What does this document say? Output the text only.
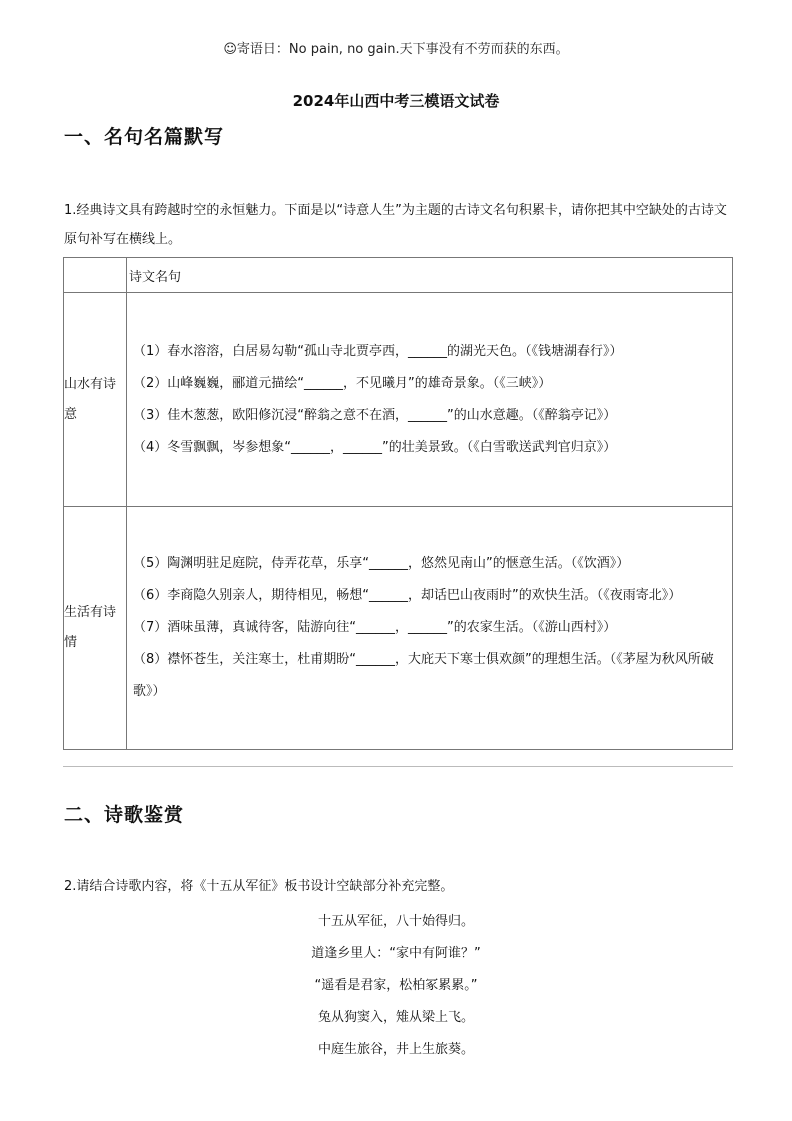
☺寄语日：No pain, no gain.天下事没有不劳而获的东西。
2024年山西中考三模语文试卷
一、名句名篇默写
1.经典诗文具有跨越时空的永恒魅力。下面是以“诗意人生”为主题的古诗文名句积累卡，请你把其中空缺处的古诗文原句补写在横线上。
	诗文名句

山水有诗意	（1）春水溶溶，白居易勾勒“孤山寺北贾亭西，______的湖光天色。（《钱塘湖春行》）
（2）山峰巍巍，郦道元描绘“______，不见曦月”的雄奇景象。（《三峡》）
（3）佳木葱葱，欧阳修沉浸“醉翁之意不在酒，______”的山水意趣。（《醉翁亭记》）
（4）冬雪飘飘，岑参想象“______，______”的壮美景致。（《白雪歌送武判官归京》）

生活有诗情	（5）陶渊明驻足庭院，侍弄花草，乐享“______，悠然见南山”的惬意生活。（《饮酒》）
（6）李商隐久别亲人，期待相见，畅想“______，却话巴山夜雨时”的欢快生活。（《夜雨寄北》）
（7）酒味虽薄，真诚待客，陆游向往“______，______”的农家生活。（《游山西村》）
（8）襟怀苍生，关注寒士，杜甫期盼“______，大庇天下寒士俱欢颜”的理想生活。（《茅屋为秋风所破歌》）
二、诗歌鉴赏
2.请结合诗歌内容，将《十五从军征》板书设计空缺部分补充完整。
十五从军征，八十始得归。
道逢乡里人：“家中有阿谁？”
“遥看是君家，松柏冢累累。”
兔从狗窦入，雉从梁上飞。
中庭生旅谷，井上生旅葵。
